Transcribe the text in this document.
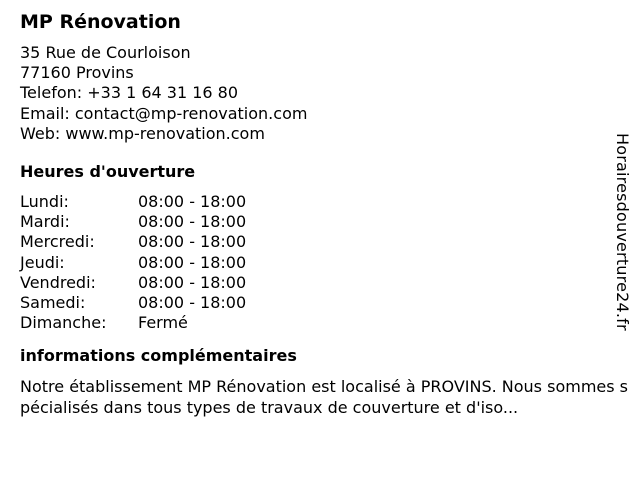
MP Rénovation
35 Rue de Courloison
77160 Provins
Telefon: +33 1 64 31 16 80
Email: contact@mp-renovation.com
Web: www.mp-renovation.com
Heures d'ouverture
Lundi:	08:00 - 18:00
Mardi:	08:00 - 18:00
Mercredi:	08:00 - 18:00
Jeudi:	08:00 - 18:00
Vendredi:	08:00 - 18:00
Samedi:	08:00 - 18:00
Dimanche:	Fermé
informations complémentaires
Notre établissement MP Rénovation est localisé à PROVINS. Nous sommes spécialisés dans tous types de travaux de couverture et d'iso...
Horairesdouverture24.fr
